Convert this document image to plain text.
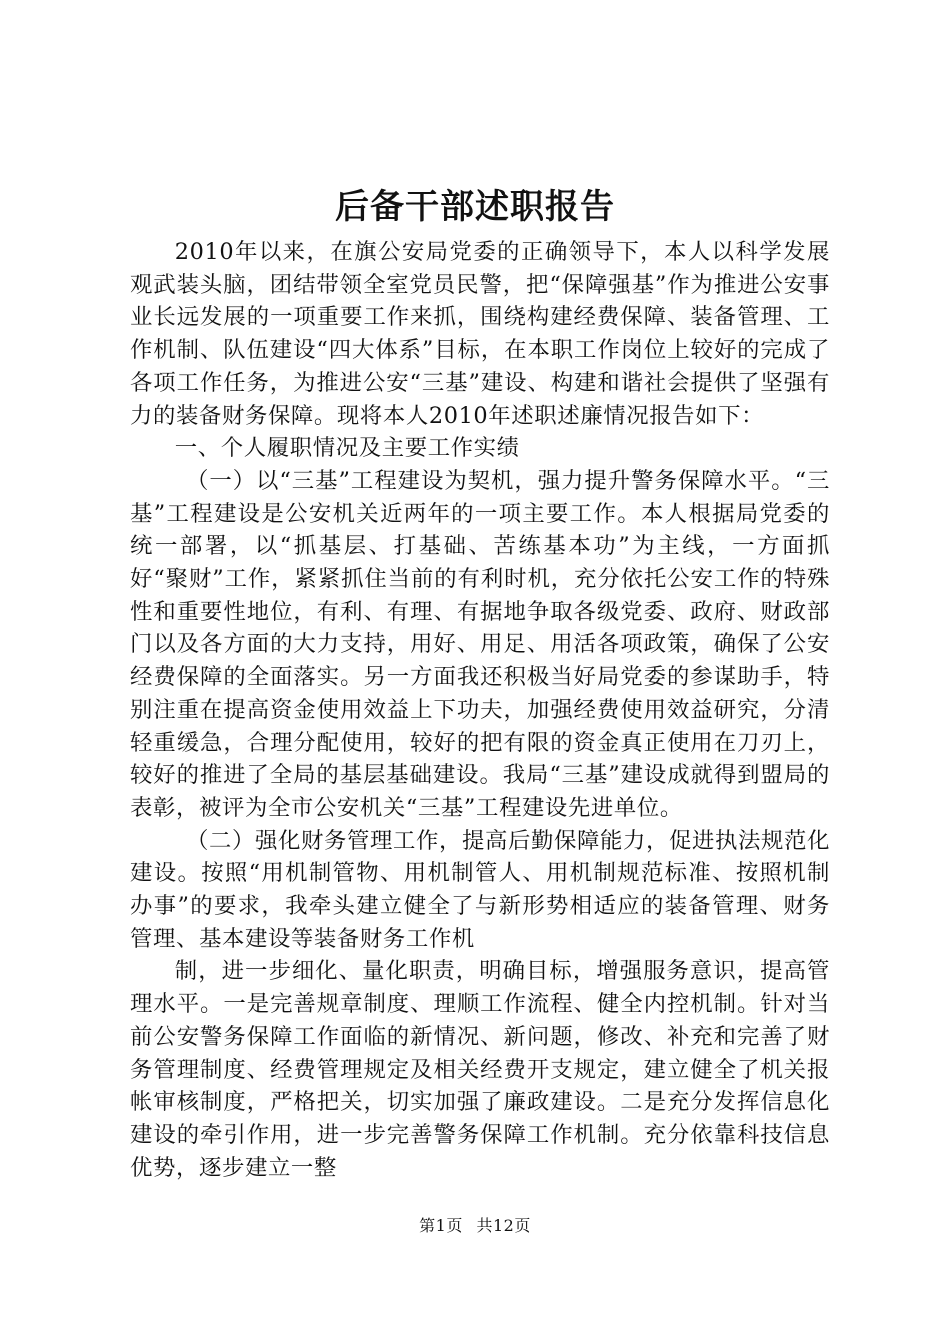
后备干部述职报告

2010年以来，在旗公安局党委的正确领导下，本人以科学发展观武装头脑，团结带领全室党员民警，把“保障强基”作为推进公安事业长远发展的一项重要工作来抓，围绕构建经费保障、装备管理、工作机制、队伍建设“四大体系”目标，在本职工作岗位上较好的完成了各项工作任务，为推进公安“三基”建设、构建和谐社会提供了坚强有力的装备财务保障。现将本人2010年述职述廉情况报告如下：

一、个人履职情况及主要工作实绩

（一）以“三基”工程建设为契机，强力提升警务保障水平。“三基”工程建设是公安机关近两年的一项主要工作。本人根据局党委的统一部署，以“抓基层、打基础、苦练基本功”为主线，一方面抓好“聚财”工作，紧紧抓住当前的有利时机，充分依托公安工作的特殊性和重要性地位，有利、有理、有据地争取各级党委、政府、财政部门以及各方面的大力支持，用好、用足、用活各项政策，确保了公安经费保障的全面落实。另一方面我还积极当好局党委的参谋助手，特别注重在提高资金使用效益上下功夫，加强经费使用效益研究，分清轻重缓急，合理分配使用，较好的把有限的资金真正使用在刀刃上，较好的推进了全局的基层基础建设。我局“三基”建设成就得到盟局的表彰，被评为全市公安机关“三基”工程建设先进单位。

（二）强化财务管理工作，提高后勤保障能力，促进执法规范化建设。按照“用机制管物、用机制管人、用机制规范标准、按照机制办事”的要求，我牵头建立健全了与新形势相适应的装备管理、财务管理、基本建设等装备财务工作机

制，进一步细化、量化职责，明确目标，增强服务意识，提高管理水平。一是完善规章制度、理顺工作流程、健全内控机制。针对当前公安警务保障工作面临的新情况、新问题，修改、补充和完善了财务管理制度、经费管理规定及相关经费开支规定，建立健全了机关报帐审核制度，严格把关，切实加强了廉政建设。二是充分发挥信息化建设的牵引作用，进一步完善警务保障工作机制。充分依靠科技信息优势，逐步建立一整

第1页 共12页
